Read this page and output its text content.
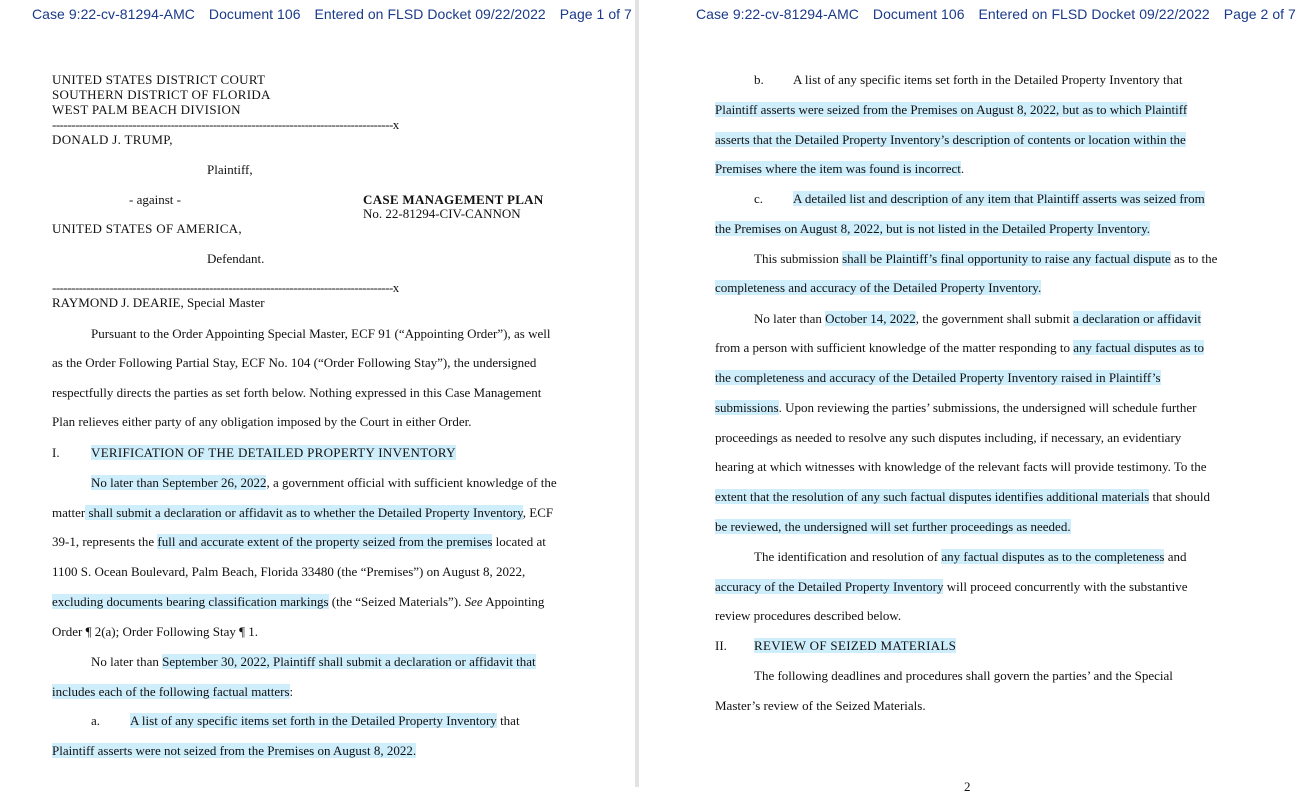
Case 9:22-cv-81294-AMC Document 106 Entered on FLSD Docket 09/22/2022 Page 1 of 7
UNITED STATES DISTRICT COURT
SOUTHERN DISTRICT OF FLORIDA
WEST PALM BEACH DIVISION
-----------------------------------------------------------------------------------------x
DONALD J. TRUMP,
Plaintiff,
- against -	CASE MANAGEMENT PLAN
No. 22-81294-CIV-CANNON
UNITED STATES OF AMERICA,
Defendant.
-----------------------------------------------------------------------------------------x
RAYMOND J. DEARIE, Special Master
Pursuant to the Order Appointing Special Master, ECF 91 (“Appointing Order”), as well
as the Order Following Partial Stay, ECF No. 104 (“Order Following Stay”), the undersigned
respectfully directs the parties as set forth below. Nothing expressed in this Case Management
Plan relieves either party of any obligation imposed by the Court in either Order.
I. VERIFICATION OF THE DETAILED PROPERTY INVENTORY
No later than September 26, 2022, a government official with sufficient knowledge of the
matter shall submit a declaration or affidavit as to whether the Detailed Property Inventory, ECF
39-1, represents the full and accurate extent of the property seized from the premises located at
1100 S. Ocean Boulevard, Palm Beach, Florida 33480 (the “Premises”) on August 8, 2022,
excluding documents bearing classification markings (the “Seized Materials”). See Appointing
Order ¶ 2(a); Order Following Stay ¶ 1.
No later than September 30, 2022, Plaintiff shall submit a declaration or affidavit that
includes each of the following factual matters:
a. A list of any specific items set forth in the Detailed Property Inventory that
Plaintiff asserts were not seized from the Premises on August 8, 2022.
Case 9:22-cv-81294-AMC Document 106 Entered on FLSD Docket 09/22/2022 Page 2 of 7
b. A list of any specific items set forth in the Detailed Property Inventory that
Plaintiff asserts were seized from the Premises on August 8, 2022, but as to which Plaintiff
asserts that the Detailed Property Inventory’s description of contents or location within the
Premises where the item was found is incorrect.
c. A detailed list and description of any item that Plaintiff asserts was seized from
the Premises on August 8, 2022, but is not listed in the Detailed Property Inventory.
This submission shall be Plaintiff’s final opportunity to raise any factual dispute as to the
completeness and accuracy of the Detailed Property Inventory.
No later than October 14, 2022, the government shall submit a declaration or affidavit
from a person with sufficient knowledge of the matter responding to any factual disputes as to
the completeness and accuracy of the Detailed Property Inventory raised in Plaintiff’s
submissions. Upon reviewing the parties’ submissions, the undersigned will schedule further
proceedings as needed to resolve any such disputes including, if necessary, an evidentiary
hearing at which witnesses with knowledge of the relevant facts will provide testimony. To the
extent that the resolution of any such factual disputes identifies additional materials that should
be reviewed, the undersigned will set further proceedings as needed.
The identification and resolution of any factual disputes as to the completeness and
accuracy of the Detailed Property Inventory will proceed concurrently with the substantive
review procedures described below.
II. REVIEW OF SEIZED MATERIALS
The following deadlines and procedures shall govern the parties’ and the Special
Master’s review of the Seized Materials.
2
